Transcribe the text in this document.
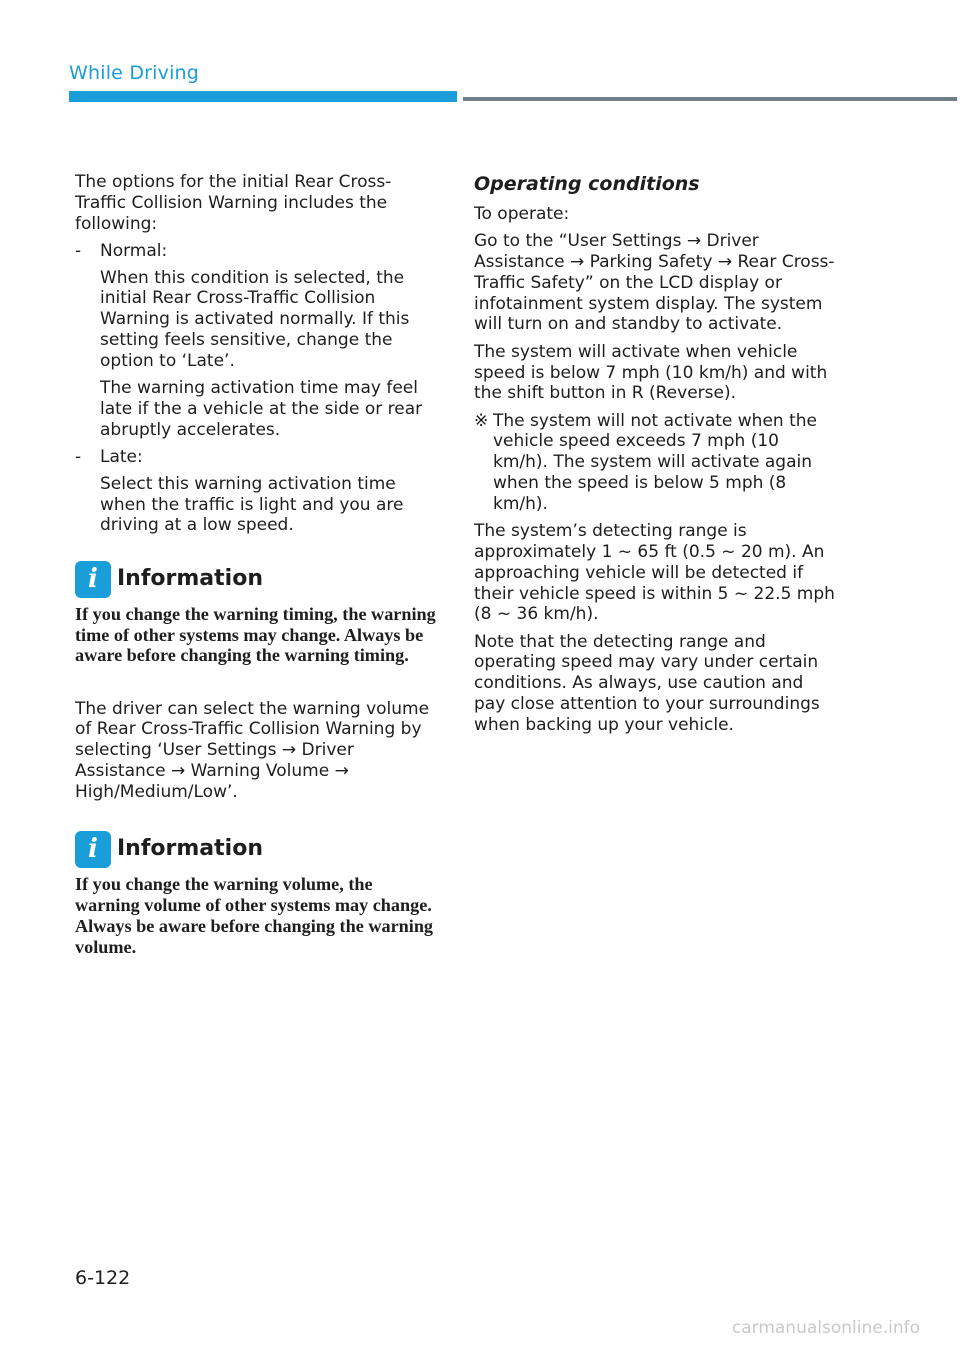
While Driving

The options for the initial Rear Cross-Traffic Collision Warning includes the following:

- Normal:

When this condition is selected, the initial Rear Cross-Traffic Collision Warning is activated normally. If this setting feels sensitive, change the option to ‘Late’.

The warning activation time may feel late if the a vehicle at the side or rear abruptly accelerates.

- Late:

Select this warning activation time when the traffic is light and you are driving at a low speed.

i Information

If you change the warning timing, the warning time of other systems may change. Always be aware before changing the warning timing.

The driver can select the warning volume of Rear Cross-Traffic Collision Warning by selecting ‘User Settings → Driver Assistance → Warning Volume → High/Medium/Low’.

i Information

If you change the warning volume, the warning volume of other systems may change. Always be aware before changing the warning volume.

Operating conditions

To operate:

Go to the “User Settings → Driver Assistance → Parking Safety → Rear Cross-Traffic Safety” on the LCD display or infotainment system display. The system will turn on and standby to activate.

The system will activate when vehicle speed is below 7 mph (10 km/h) and with the shift button in R (Reverse).

※ The system will not activate when the vehicle speed exceeds 7 mph (10 km/h). The system will activate again when the speed is below 5 mph (8 km/h).

The system’s detecting range is approximately 1 ~ 65 ft (0.5 ~ 20 m). An approaching vehicle will be detected if their vehicle speed is within 5 ~ 22.5 mph (8 ~ 36 km/h).

Note that the detecting range and operating speed may vary under certain conditions. As always, use caution and pay close attention to your surroundings when backing up your vehicle.

6-122
carmanualsonline.info
